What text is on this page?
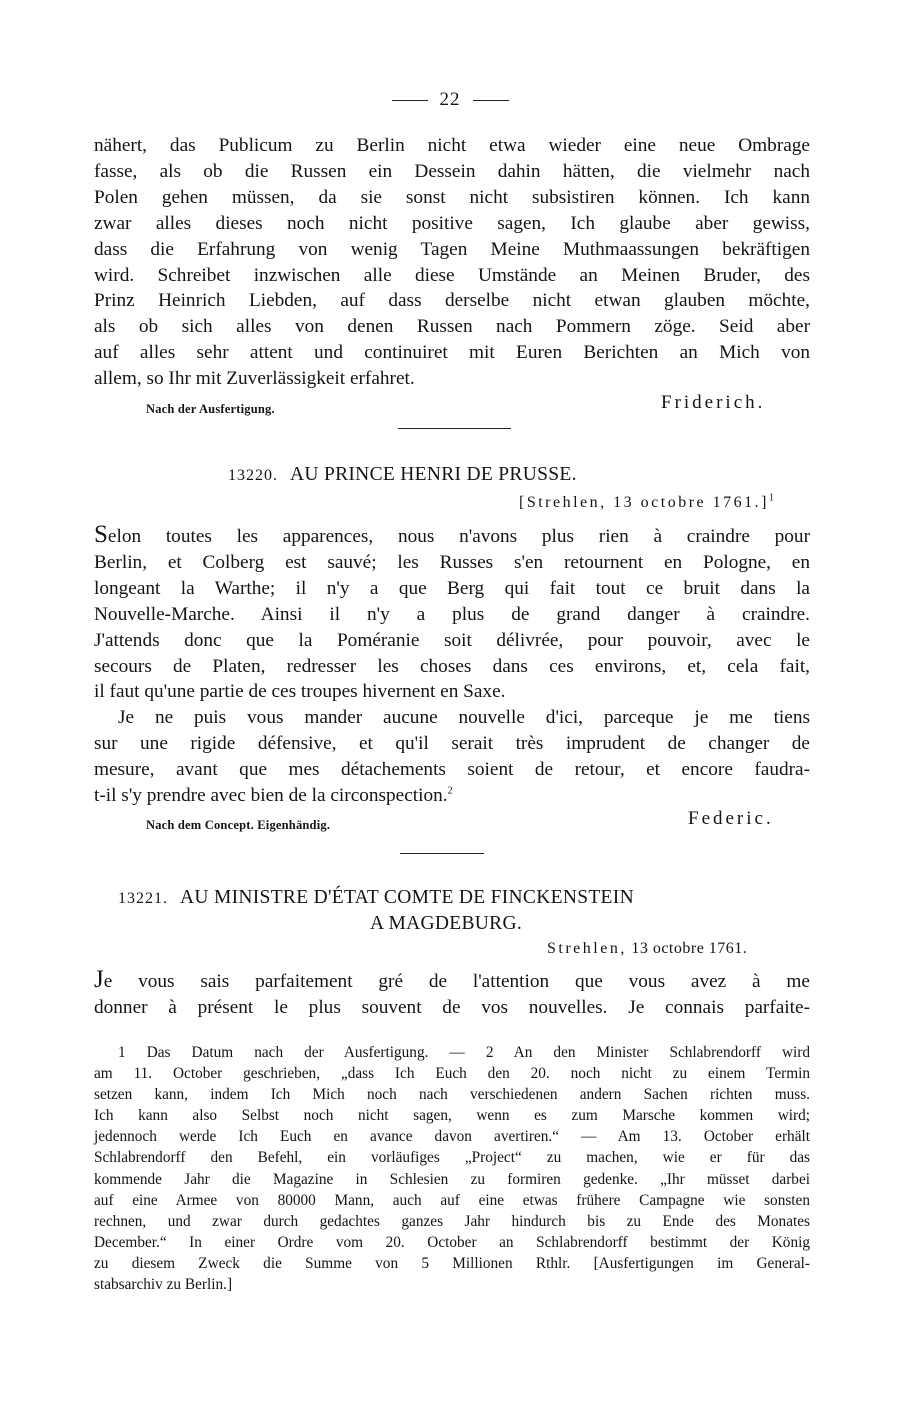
22

nähert, das Publicum zu Berlin nicht etwa wieder eine neue Ombrage

fasse, als ob die Russen ein Dessein dahin hätten, die vielmehr nach

Polen gehen müssen, da sie sonst nicht subsistiren können. Ich kann

zwar alles dieses noch nicht positive sagen, Ich glaube aber gewiss,

dass die Erfahrung von wenig Tagen Meine Muthmaassungen bekräftigen

wird. Schreibet inzwischen alle diese Umstände an Meinen Bruder, des

Prinz Heinrich Liebden, auf dass derselbe nicht etwan glauben möchte,

als ob sich alles von denen Russen nach Pommern zöge. Seid aber

auf alles sehr attent und continuiret mit Euren Berichten an Mich von

allem, so Ihr mit Zuverlässigkeit erfahret.

Nach der Ausfertigung.	Friderich.
13220. AU PRINCE HENRI DE PRUSSE.
[Strehlen, 13 octobre 1761.]$^1$

Selon toutes les apparences, nous n'avons plus rien à craindre pour

Berlin, et Colberg est sauvé; les Russes s'en retournent en Pologne, en

longeant la Warthe; il n'y a que Berg qui fait tout ce bruit dans la

Nouvelle-Marche. Ainsi il n'y a plus de grand danger à craindre.

J'attends donc que la Poméranie soit délivrée, pour pouvoir, avec le

secours de Platen, redresser les choses dans ces environs, et, cela fait,

il faut qu'une partie de ces troupes hivernent en Saxe.

Je ne puis vous mander aucune nouvelle d'ici, parceque je me tiens

sur une rigide défensive, et qu'il serait très imprudent de changer de

mesure, avant que mes détachements soient de retour, et encore faudra-

t-il s'y prendre avec bien de la circonspection.$^2$

Nach dem Concept. Eigenhändig.	Federic.
13221. AU MINISTRE D'ÉTAT COMTE DE FINCKENSTEIN
A MAGDEBURG.
Strehlen, 13 octobre 1761.

Je vous sais parfaitement gré de l'attention que vous avez à me

donner à présent le plus souvent de vos nouvelles. Je connais parfaite-

1 Das Datum nach der Ausfertigung. — 2 An den Minister Schlabrendorff wird

am 11. October geschrieben, „dass Ich Euch den 20. noch nicht zu einem Termin

setzen kann, indem Ich Mich noch nach verschiedenen andern Sachen richten muss.

Ich kann also Selbst noch nicht sagen, wenn es zum Marsche kommen wird;

jedennoch werde Ich Euch en avance davon avertiren.“ — Am 13. October erhält

Schlabrendorff den Befehl, ein vorläufiges „Project“ zu machen, wie er für das

kommende Jahr die Magazine in Schlesien zu formiren gedenke. „Ihr müsset darbei

auf eine Armee von 80000 Mann, auch auf eine etwas frühere Campagne wie sonsten

rechnen, und zwar durch gedachtes ganzes Jahr hindurch bis zu Ende des Monates

December.“ In einer Ordre vom 20. October an Schlabrendorff bestimmt der König

zu diesem Zweck die Summe von 5 Millionen Rthlr. [Ausfertigungen im General-

stabsarchiv zu Berlin.]
